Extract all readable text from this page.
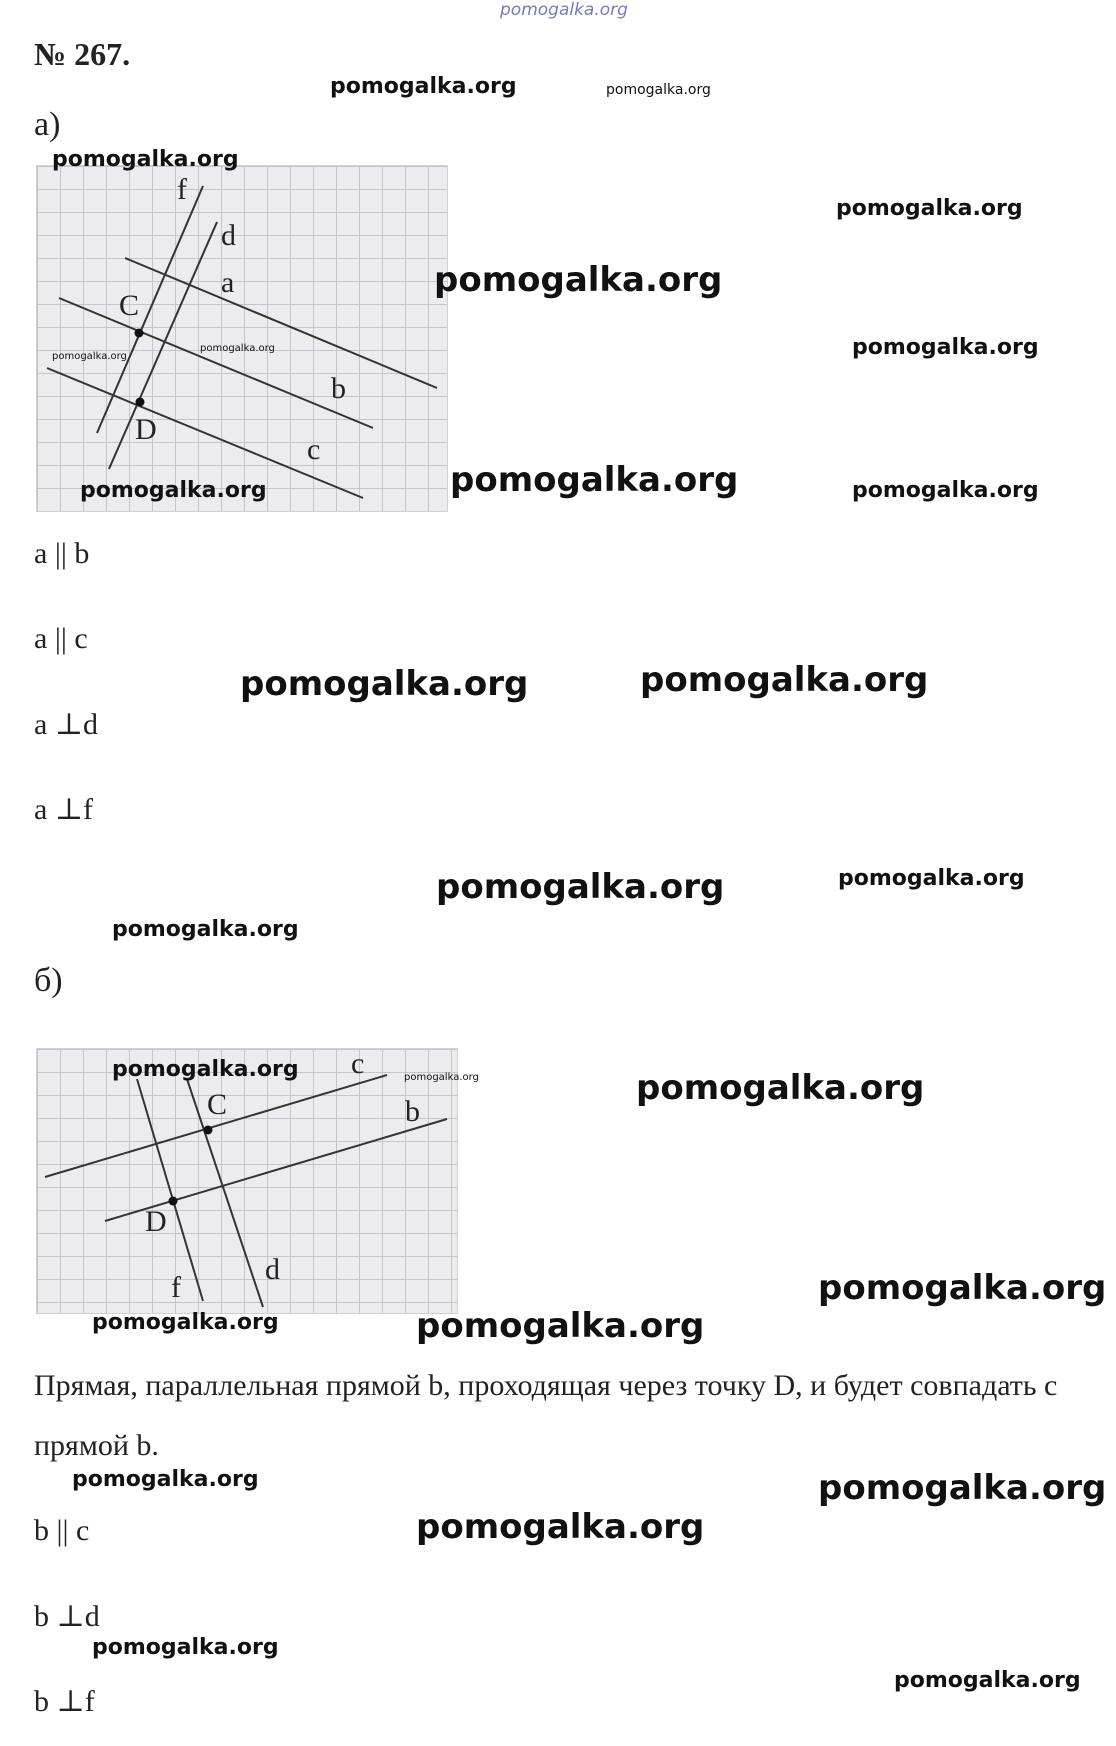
pomogalka.org
№ 267.
а)
f
d
a
b
c
C
D
a || b
a || c
a ⊥d
a ⊥f
б)
c
b
d
f
C
D
Прямая, параллельная прямой b, проходящая через точку D, и будет совпадать с прямой b.
b || c
b ⊥d
b ⊥f
pomogalka.org	pomogalka.org
pomogalka.org
pomogalka.org
pomogalka.org
pomogalka.org
pomogalka.org
pomogalka.org
pomogalka.org	pomogalka.org	pomogalka.org
pomogalka.org	pomogalka.org
pomogalka.org	pomogalka.org
pomogalka.org
pomogalka.org	pomogalka.org	pomogalka.org
pomogalka.org
pomogalka.org	pomogalka.org
pomogalka.org	pomogalka.org
pomogalka.org
pomogalka.org
pomogalka.org
